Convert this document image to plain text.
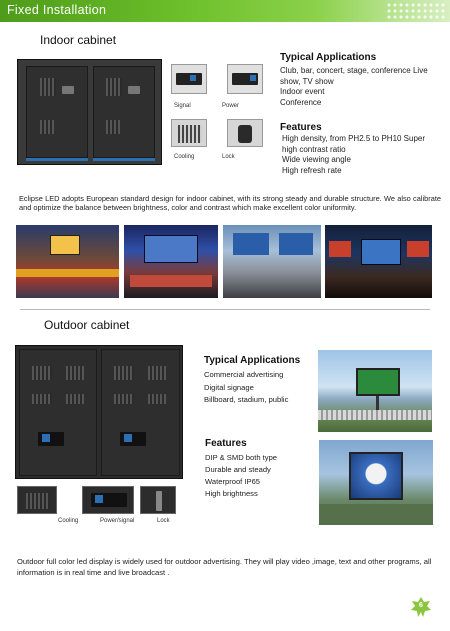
Fixed Installation
Indoor cabinet
Signal	Power
Cooling	Lock
Typical Applications
Club, bar, concert, stage, conference Live
show, TV show
Indoor event
Conference
Features
High density, from PH2.5 to PH10 Super
high contrast ratio
Wide viewing angle
High refresh rate
Eclipse LED adopts European standard design for indoor cabinet, with its strong steady and durable structure. We also calibrate and optimize the balance between brightness, color and contrast which make excellent color uniformity.
Outdoor cabinet
Cooling	Power/signal	Lock
Typical Applications
Commercial advertising
Digital signage
Billboard, stadium, public
Features
DIP & SMD both type
Durable and steady
Waterproof IP65
High brightness
Outdoor full color led display is widely used for outdoor advertising. They will play video ,image, text and other programs, all information is in real time and live broadcast .
6
